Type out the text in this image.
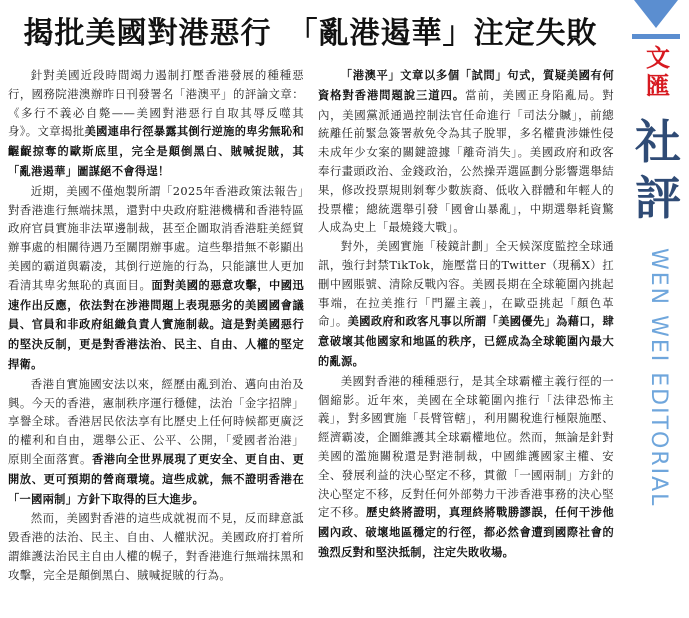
揭批美國對港惡行　「亂港遏華」注定失敗

針對美國近段時間竭力遏制打壓香港發展的種種惡行，國務院港澳辦昨日刊發署名「港澳平」的評論文章：《多行不義必自斃——美國對港惡行自取其辱反噬其身》。文章揭批美國連串行徑暴露其倒行逆施的卑劣無恥和齷齪掠奪的歐斯底里，完全是顛倒黑白、賊喊捉賊，其「亂港遏華」圖謀絕不會得逞！

近期，美國不僅炮製所謂「2025年香港政策法報告」對香港進行無端抹黑，還對中央政府駐港機構和香港特區政府官員實施非法單邊制裁，甚至企圖取消香港駐美經貿辦事處的相關待遇乃至關閉辦事處。這些舉措無不彰顯出美國的霸道與霸凌，其倒行逆施的行為，只能讓世人更加看清其卑劣無恥的真面目。面對美國的惡意攻擊，中國迅速作出反應，依法對在涉港問題上表現惡劣的美國國會議員、官員和非政府組織負責人實施制裁。這是對美國惡行的堅決反制，更是對香港法治、民主、自由、人權的堅定捍衛。

香港自實施國安法以來，經歷由亂到治、邁向由治及興。今天的香港，憲制秩序運行穩健，法治「金字招牌」享譽全球。香港居民依法享有比歷史上任何時候都更廣泛的權利和自由，選舉公正、公平、公開，「愛國者治港」原則全面落實。香港向全世界展現了更安全、更自由、更開放、更可預期的營商環境。這些成就，無不證明香港在「一國兩制」方針下取得的巨大進步。

然而，美國對香港的這些成就視而不見，反而肆意詆毀香港的法治、民主、自由、人權狀況。美國政府打着所謂維護法治民主自由人權的幌子，對香港進行無端抹黑和攻擊，完全是顛倒黑白、賊喊捉賊的行為。

「港澳平」文章以多個「試問」句式，質疑美國有何資格對香港問題說三道四。當前，美國正身陷亂局。對內，美國黨派通過控制法官任命進行「司法分贓」，前總統離任前緊急簽署赦免令為其子脫罪，多名權貴涉嫌性侵未成年少女案的關鍵證據「離奇消失」。美國政府和政客奉行畫頭政治、金錢政治，公然操弄選區劃分影響選舉結果，修改投票規則剝奪少數族裔、低收入群體和年輕人的投票權；總統選舉引發「國會山暴亂」，中期選舉耗資驚人成為史上「最燒錢大戰」。

對外，美國實施「稜鏡計劃」全天候深度監控全球通訊，強行封禁TikTok，施壓當日的Twitter（現稱X）扛刪中國賬號、清除反戰內容。美國長期在全球範圍內挑起事端，在拉美推行「門羅主義」，在歐亞挑起「顏色革命」。美國政府和政客凡事以所謂「美國優先」為藉口，肆意破壞其他國家和地區的秩序，已經成為全球範圍內最大的亂源。

美國對香港的種種惡行，是其全球霸權主義行徑的一個縮影。近年來，美國在全球範圍內推行「法律恐怖主義」，對多國實施「長臂管轄」，利用關稅進行極限施壓、經濟霸凌，企圖維護其全球霸權地位。然而，無論是針對美國的濫施關稅還是對港制裁，中國維護國家主權、安全、發展利益的決心堅定不移，貫徹「一國兩制」方針的決心堅定不移，反對任何外部勢力干涉香港事務的決心堅定不移。歷史終將證明，真理終將戰勝謬誤，任何干涉他國內政、破壞地區穩定的行徑，都必然會遭到國際社會的強烈反對和堅決抵制，注定失敗收場。

文
匯
社
評
WEN WEI EDITORIAL
